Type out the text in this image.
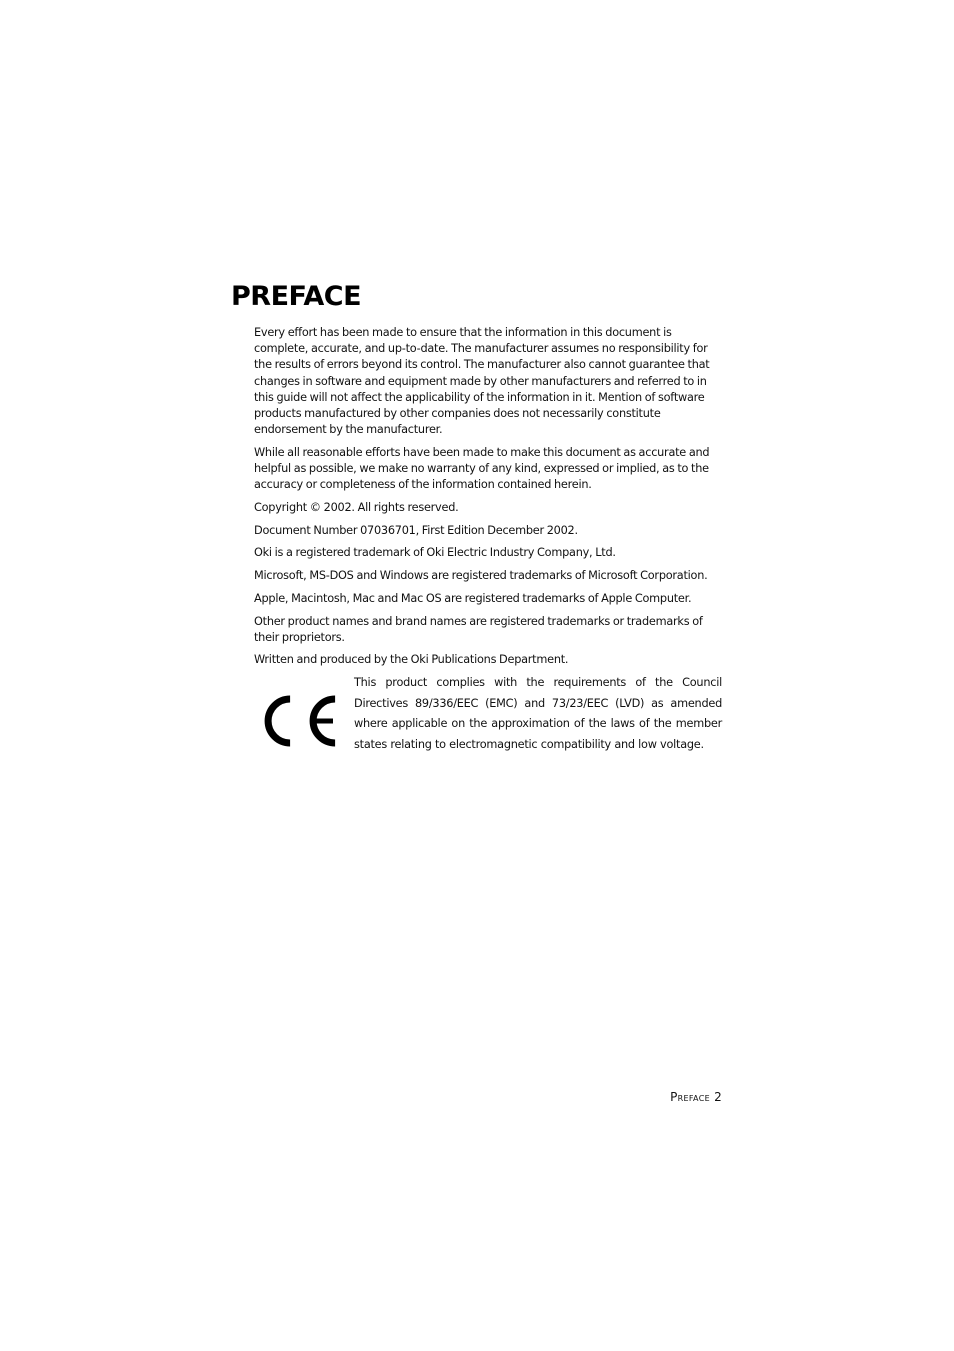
PREFACE

Every effort has been made to ensure that the information in this document is complete, accurate, and up-to-date. The manufacturer assumes no responsibility for the results of errors beyond its control. The manufacturer also cannot guarantee that changes in software and equipment made by other manufacturers and referred to in this guide will not affect the applicability of the information in it. Mention of software products manufactured by other companies does not necessarily constitute endorsement by the manufacturer.

While all reasonable efforts have been made to make this document as accurate and helpful as possible, we make no warranty of any kind, expressed or implied, as to the accuracy or completeness of the information contained herein.

Copyright © 2002. All rights reserved.

Document Number 07036701, First Edition December 2002.

Oki is a registered trademark of Oki Electric Industry Company, Ltd.

Microsoft, MS-DOS and Windows are registered trademarks of Microsoft Corporation.

Apple, Macintosh, Mac and Mac OS are registered trademarks of Apple Computer.

Other product names and brand names are registered trademarks or trademarks of their proprietors.

Written and produced by the Oki Publications Department.

This product complies with the requirements of the Council Directives 89/336/EEC (EMC) and 73/23/EEC (LVD) as amended where applicable on the approximation of the laws of the member states relating to electromagnetic compatibility and low voltage.

Preface 2
